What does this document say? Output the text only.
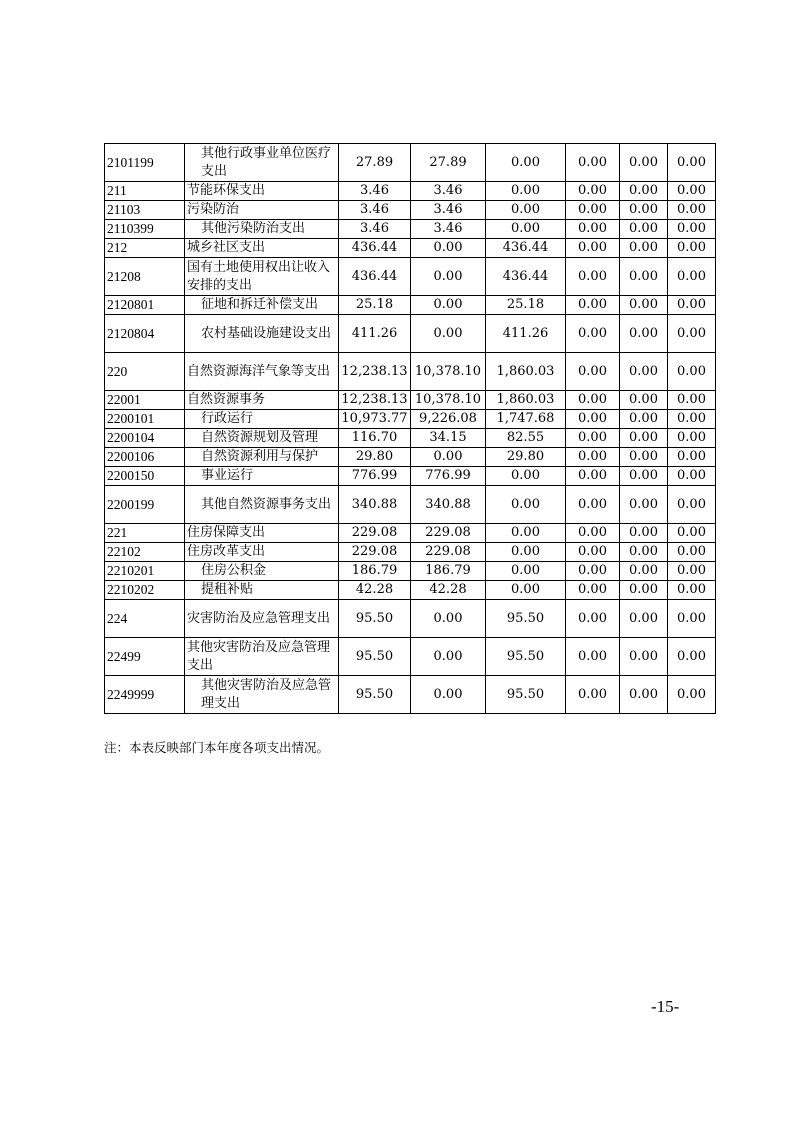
2101199	其他行政事业单位医疗支出	27.89	27.89	0.00	0.00	0.00	0.00
211	节能环保支出	3.46	3.46	0.00	0.00	0.00	0.00
21103	污染防治	3.46	3.46	0.00	0.00	0.00	0.00
2110399	其他污染防治支出	3.46	3.46	0.00	0.00	0.00	0.00
212	城乡社区支出	436.44	0.00	436.44	0.00	0.00	0.00
21208	国有土地使用权出让收入安排的支出	436.44	0.00	436.44	0.00	0.00	0.00
2120801	征地和拆迁补偿支出	25.18	0.00	25.18	0.00	0.00	0.00
2120804	农村基础设施建设支出	411.26	0.00	411.26	0.00	0.00	0.00
220	自然资源海洋气象等支出	12,238.13	10,378.10	1,860.03	0.00	0.00	0.00
22001	自然资源事务	12,238.13	10,378.10	1,860.03	0.00	0.00	0.00
2200101	行政运行	10,973.77	9,226.08	1,747.68	0.00	0.00	0.00
2200104	自然资源规划及管理	116.70	34.15	82.55	0.00	0.00	0.00
2200106	自然资源利用与保护	29.80	0.00	29.80	0.00	0.00	0.00
2200150	事业运行	776.99	776.99	0.00	0.00	0.00	0.00
2200199	其他自然资源事务支出	340.88	340.88	0.00	0.00	0.00	0.00
221	住房保障支出	229.08	229.08	0.00	0.00	0.00	0.00
22102	住房改革支出	229.08	229.08	0.00	0.00	0.00	0.00
2210201	住房公积金	186.79	186.79	0.00	0.00	0.00	0.00
2210202	提租补贴	42.28	42.28	0.00	0.00	0.00	0.00
224	灾害防治及应急管理支出	95.50	0.00	95.50	0.00	0.00	0.00
22499	其他灾害防治及应急管理支出	95.50	0.00	95.50	0.00	0.00	0.00
2249999	其他灾害防治及应急管理支出	95.50	0.00	95.50	0.00	0.00	0.00
注：本表反映部门本年度各项支出情况。
-15-
